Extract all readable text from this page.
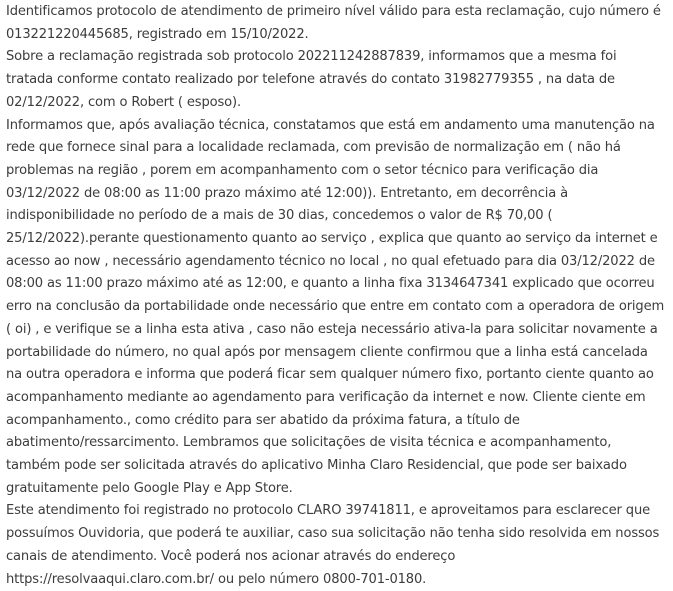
Identificamos protocolo de atendimento de primeiro nível válido para esta reclamação, cujo número é 013221220445685, registrado em 15/10/2022.

Sobre a reclamação registrada sob protocolo 202211242887839, informamos que a mesma foi tratada conforme contato realizado por telefone através do contato 31982779355 , na data de 02/12/2022, com o Robert ( esposo).

Informamos que, após avaliação técnica, constatamos que está em andamento uma manutenção na rede que fornece sinal para a localidade reclamada, com previsão de normalização em ( não há problemas na região , porem em acompanhamento com o setor técnico para verificação dia 03/12/2022 de 08:00 as 11:00 prazo máximo até 12:00)). Entretanto, em decorrência à indisponibilidade no período de a mais de 30 dias, concedemos o valor de R$ 70,00 ( 25/12/2022).perante questionamento quanto ao serviço , explica que quanto ao serviço da internet e acesso ao now , necessário agendamento técnico no local , no qual efetuado para dia 03/12/2022 de 08:00 as 11:00 prazo máximo até as 12:00, e quanto a linha fixa 3134647341 explicado que ocorreu erro na conclusão da portabilidade onde necessário que entre em contato com a operadora de origem ( oi) , e verifique se a linha esta ativa , caso não esteja necessário ativa-la para solicitar novamente a portabilidade do número, no qual após por mensagem cliente confirmou que a linha está cancelada na outra operadora e informa que poderá ficar sem qualquer número fixo, portanto ciente quanto ao acompanhamento mediante ao agendamento para verificação da internet e now. Cliente ciente em acompanhamento., como crédito para ser abatido da próxima fatura, a título de abatimento/ressarcimento. Lembramos que solicitações de visita técnica e acompanhamento, também pode ser solicitada através do aplicativo Minha Claro Residencial, que pode ser baixado gratuitamente pelo Google Play e App Store.

Este atendimento foi registrado no protocolo CLARO 39741811, e aproveitamos para esclarecer que possuímos Ouvidoria, que poderá te auxiliar, caso sua solicitação não tenha sido resolvida em nossos canais de atendimento. Você poderá nos acionar através do endereço https://resolvaaqui.claro.com.br/ ou pelo número 0800-701-0180.
